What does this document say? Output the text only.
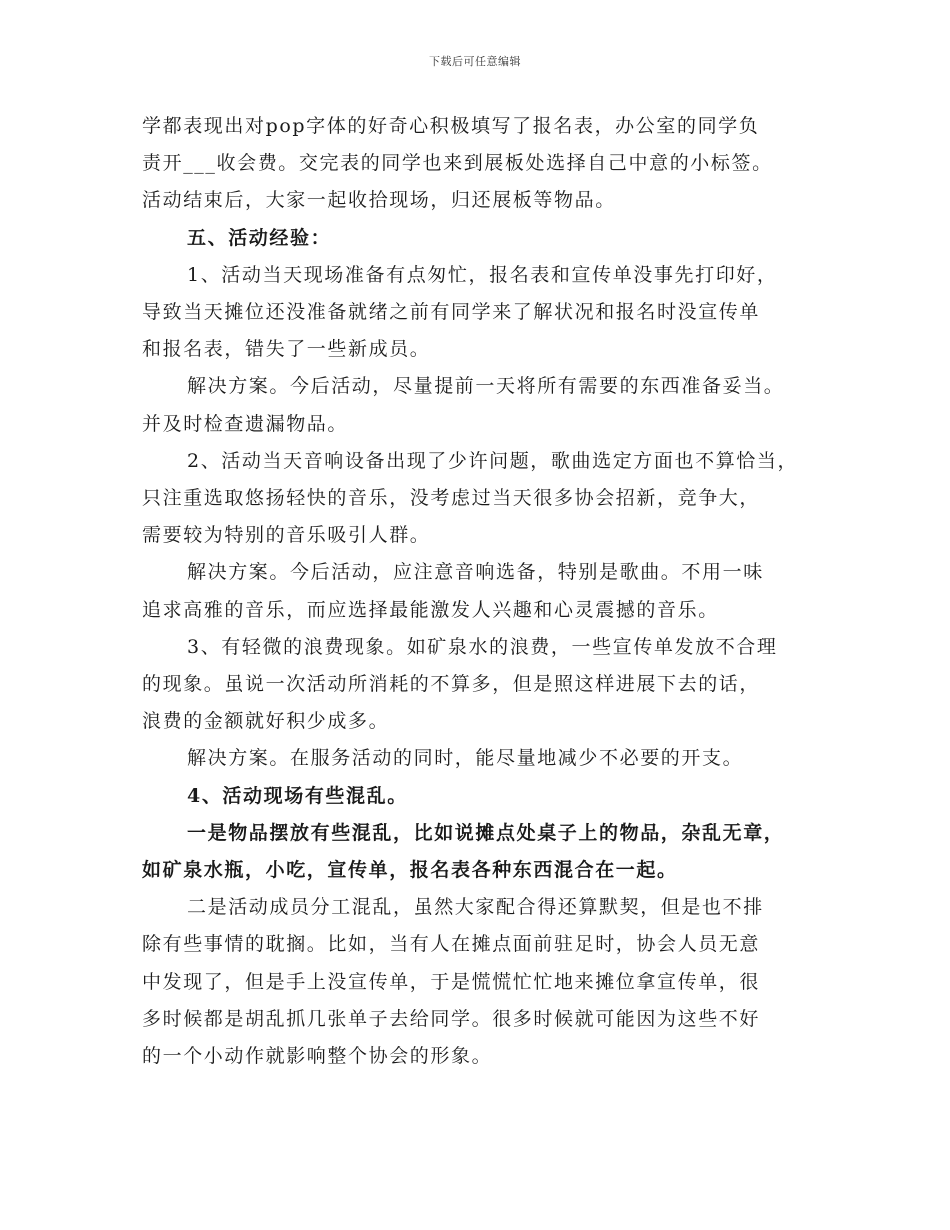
下载后可任意编辑

学都表现出对pop字体的好奇心积极填写了报名表，办公室的同学负

责开___收会费。交完表的同学也来到展板处选择自己中意的小标签。

活动结束后，大家一起收拾现场，归还展板等物品。

五、活动经验：

1、活动当天现场准备有点匆忙，报名表和宣传单没事先打印好，

导致当天摊位还没准备就绪之前有同学来了解状况和报名时没宣传单

和报名表，错失了一些新成员。

解决方案。今后活动，尽量提前一天将所有需要的东西准备妥当。

并及时检查遗漏物品。

2、活动当天音响设备出现了少许问题，歌曲选定方面也不算恰当，

只注重选取悠扬轻快的音乐，没考虑过当天很多协会招新，竞争大，

需要较为特别的音乐吸引人群。

解决方案。今后活动，应注意音响选备，特别是歌曲。不用一味

追求高雅的音乐，而应选择最能激发人兴趣和心灵震撼的音乐。

3、有轻微的浪费现象。如矿泉水的浪费，一些宣传单发放不合理

的现象。虽说一次活动所消耗的不算多，但是照这样进展下去的话，

浪费的金额就好积少成多。

解决方案。在服务活动的同时，能尽量地减少不必要的开支。

4、活动现场有些混乱。

一是物品摆放有些混乱，比如说摊点处桌子上的物品，杂乱无章，

如矿泉水瓶，小吃，宣传单，报名表各种东西混合在一起。

二是活动成员分工混乱，虽然大家配合得还算默契，但是也不排

除有些事情的耽搁。比如，当有人在摊点面前驻足时，协会人员无意

中发现了，但是手上没宣传单，于是慌慌忙忙地来摊位拿宣传单，很

多时候都是胡乱抓几张单子去给同学。很多时候就可能因为这些不好

的一个小动作就影响整个协会的形象。
